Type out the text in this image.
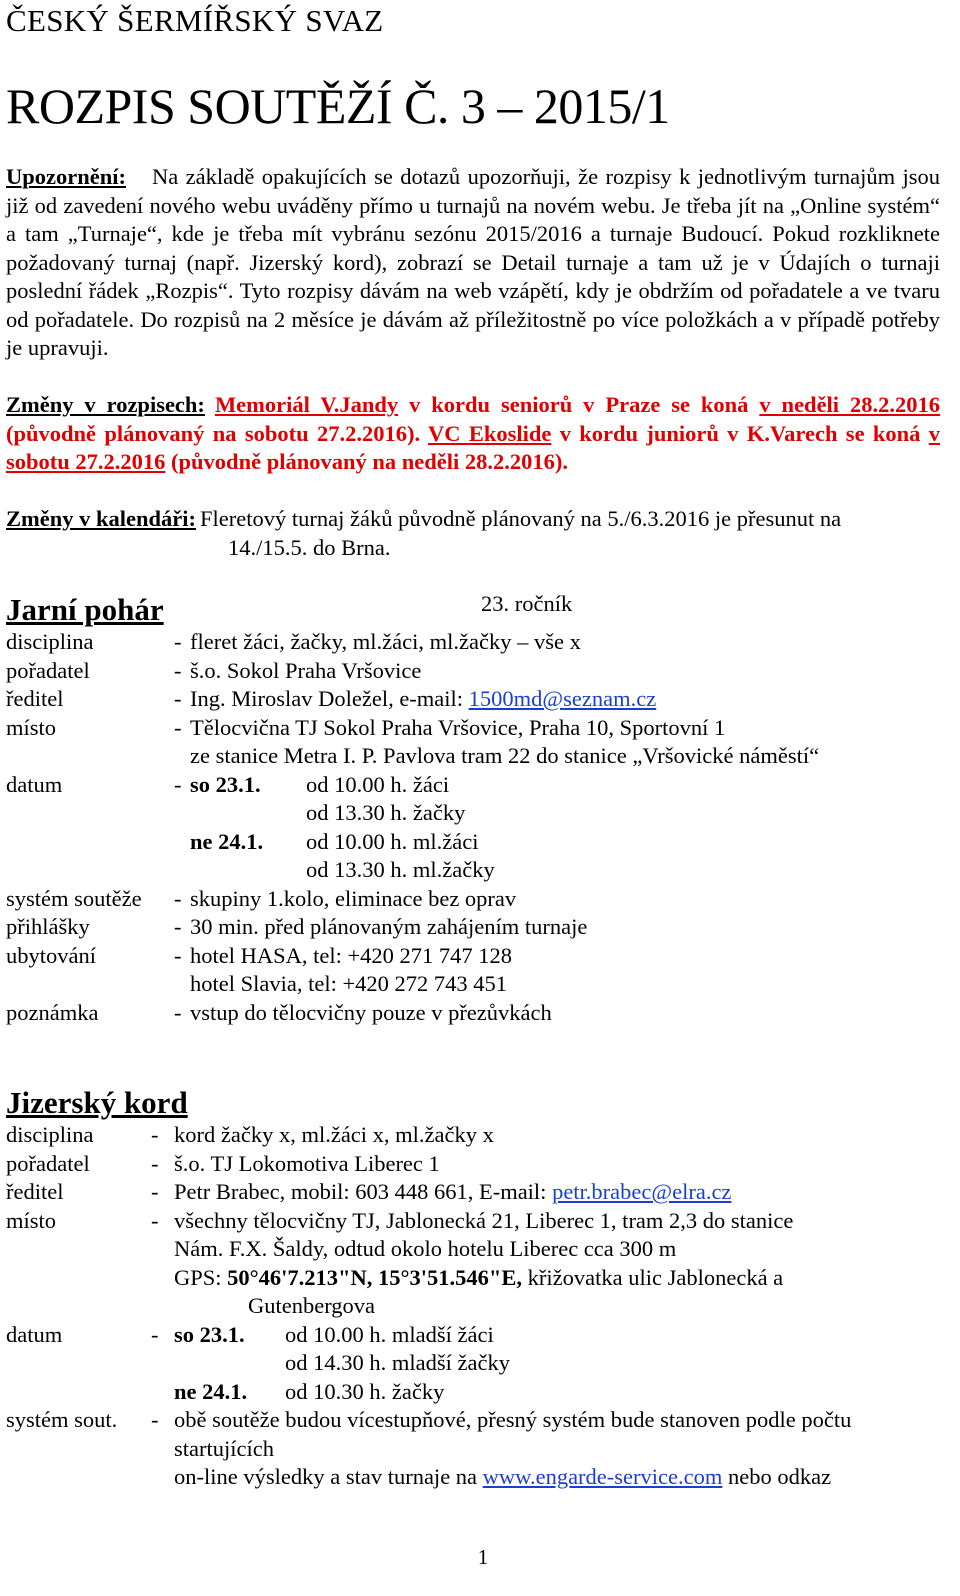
ČESKÝ ŠERMÍŘSKÝ SVAZ
ROZPIS SOUTĚŽÍ Č. 3 – 2015/1
Upozornění: Na základě opakujících se dotazů upozorňuji, že rozpisy k jednotlivým turnajům jsou již od zavedení nového webu uváděny přímo u turnajů na novém webu. Je třeba jít na „Online systém“ a tam „Turnaje“, kde je třeba mít vybránu sezónu 2015/2016 a turnaje Budoucí. Pokud rozkliknete požadovaný turnaj (např. Jizerský kord), zobrazí se Detail turnaje a tam už je v Údajích o turnaji poslední řádek „Rozpis“. Tyto rozpisy dávám na web vzápětí, kdy je obdržím od pořadatele a ve tvaru od pořadatele. Do rozpisů na 2 měsíce je dávám až příležitostně po více položkách a v případě potřeby je upravuji.
Změny v rozpisech: Memoriál V.Jandy v kordu seniorů v Praze se koná v neděli 28.2.2016 (původně plánovaný na sobotu 27.2.2016). VC Ekoslide v kordu juniorů v K.Varech se koná v sobotu 27.2.2016 (původně plánovaný na neděli 28.2.2016).
Změny v kalendáři: Fleretový turnaj žáků původně plánovaný na 5./6.3.2016 je přesunut na
14./15.5. do Brna.
Jarní pohár	23. ročník
disciplina	- fleret žáci, žačky, ml.žáci, ml.žačky – vše x
pořadatel	- š.o. Sokol Praha Vršovice
ředitel	- Ing. Miroslav Doležel, e-mail: 1500md@seznam.cz
místo	- Tělocvična TJ Sokol Praha Vršovice, Praha 10, Sportovní 1
ze stanice Metra I. P. Pavlova tram 22 do stanice „Vršovické náměstí“
datum	- so 23.1.	od 10.00 h. žáci
od 13.30 h. žačky
ne 24.1.	od 10.00 h. ml.žáci
od 13.30 h. ml.žačky
systém soutěže	- skupiny 1.kolo, eliminace bez oprav
přihlášky	- 30 min. před plánovaným zahájením turnaje
ubytování	- hotel HASA, tel: +420 271 747 128
hotel Slavia, tel: +420 272 743 451
poznámka	- vstup do tělocvičny pouze v přezůvkách
Jizerský kord
disciplina	- kord žačky x, ml.žáci x, ml.žačky x
pořadatel	- š.o. TJ Lokomotiva Liberec 1
ředitel	- Petr Brabec, mobil: 603 448 661, E-mail: petr.brabec@elra.cz
místo	- všechny tělocvičny TJ, Jablonecká 21, Liberec 1, tram 2,3 do stanice
Nám. F.X. Šaldy, odtud okolo hotelu Liberec cca 300 m
GPS: 50°46'7.213"N, 15°3'51.546"E, křižovatka ulic Jablonecká a
Gutenbergova
datum	- so 23.1.	od 10.00 h. mladší žáci
od 14.30 h. mladší žačky
ne 24.1.	od 10.30 h. žačky
systém sout.	- obě soutěže budou vícestupňové, přesný systém bude stanoven podle počtu startujících
on-line výsledky a stav turnaje na www.engarde-service.com nebo odkaz
1
